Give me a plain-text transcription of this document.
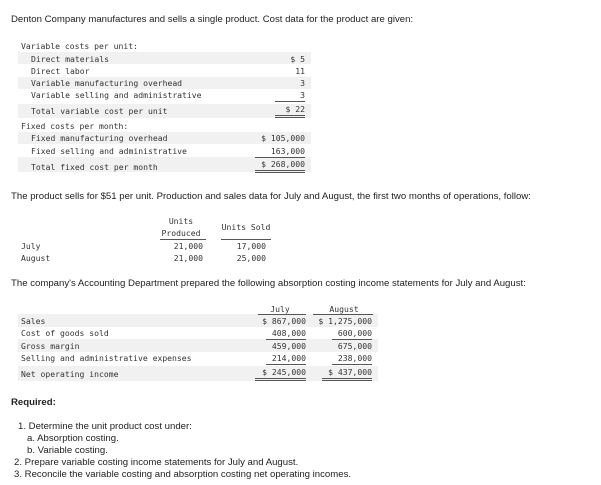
Denton Company manufactures and sells a single product. Cost data for the product are given:
Variable costs per unit:
Direct materials	$ 5
Direct labor	11
Variable manufacturing overhead	3
Variable selling and administrative	3
Total variable cost per unit	$ 22
Fixed costs per month:
Fixed manufacturing overhead	$ 105,000
Fixed selling and administrative	163,000
Total fixed cost per month	$ 268,000
The product sells for $51 per unit. Production and sales data for July and August, the first two months of operations, follow:
Units
Produced
Units Sold
July	21,000	17,000
August	21,000	25,000
The company's Accounting Department prepared the following absorption costing income statements for July and August:
July	August
Sales	$ 867,000	$ 1,275,000
Cost of goods sold	408,000	600,000
Gross margin	459,000	675,000
Selling and administrative expenses	214,000	238,000
Net operating income	$ 245,000	$ 437,000
Required:
1. Determine the unit product cost under:
a. Absorption costing.
b. Variable costing.
2. Prepare variable costing income statements for July and August.
3. Reconcile the variable costing and absorption costing net operating incomes.
